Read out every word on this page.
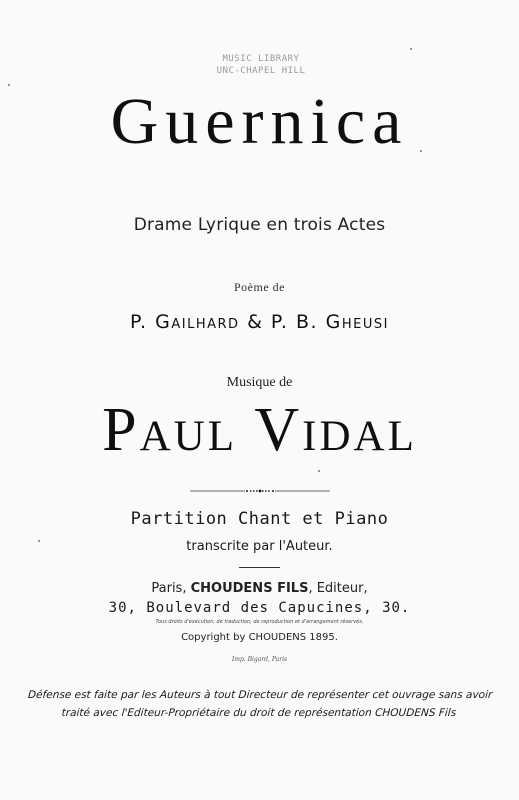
MUSIC LIBRARY
UNC-CHAPEL HILL
Guernica
Drame Lyrique en trois Actes
Poème de
P. Gailhard & P. B. Gheusi
Musique de
Paul Vidal
Partition Chant et Piano
transcrite par l'Auteur.
Paris, CHOUDENS FILS, Editeur,
30, Boulevard des Capucines, 30.
Tous droits d'exécution, de traduction, de reproduction et d'arrangement réservés.
Copyright by CHOUDENS 1895.
Imp. Bigard, Paris
Défense est faite par les Auteurs à tout Directeur de représenter cet ouvrage sans avoir
traité avec l'Editeur-Propriétaire du droit de représentation CHOUDENS Fils
